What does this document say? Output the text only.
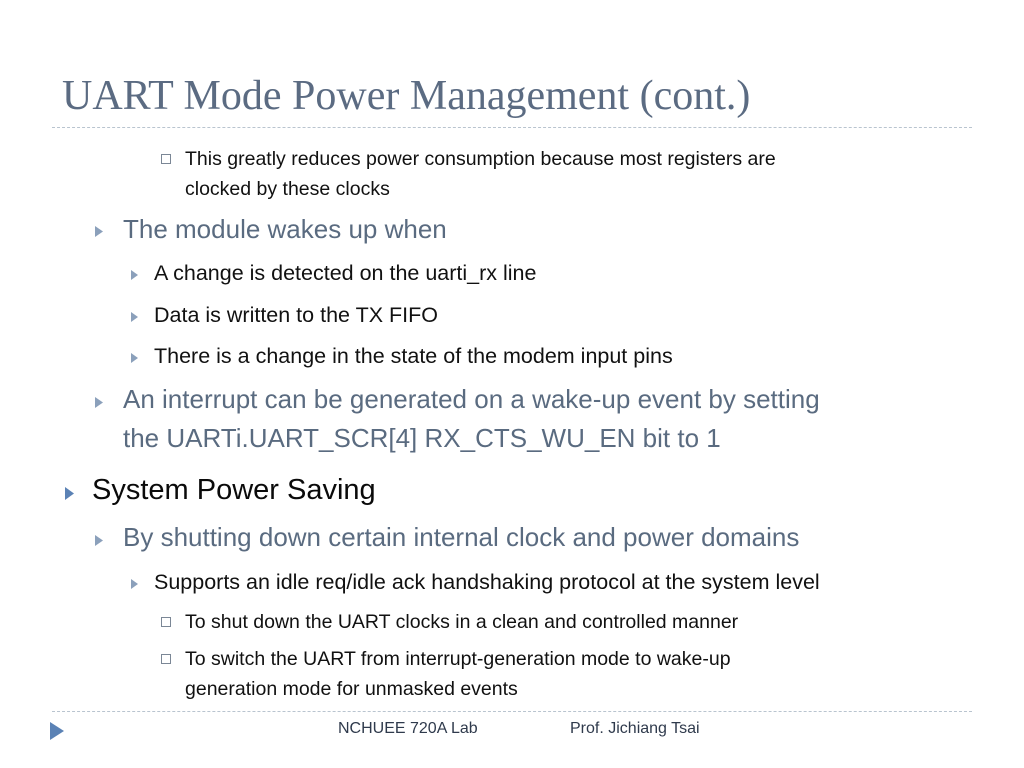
UART Mode Power Management (cont.)
This greatly reduces power consumption because most registers are
clocked by these clocks
The module wakes up when
A change is detected on the uarti_rx line
Data is written to the TX FIFO
There is a change in the state of the modem input pins
An interrupt can be generated on a wake-up event by setting
the UARTi.UART_SCR[4] RX_CTS_WU_EN bit to 1
System Power Saving
By shutting down certain internal clock and power domains
Supports an idle req/idle ack handshaking protocol at the system level
To shut down the UART clocks in a clean and controlled manner
To switch the UART from interrupt-generation mode to wake-up
generation mode for unmasked events
NCHUEE 720A Lab	Prof. Jichiang Tsai
